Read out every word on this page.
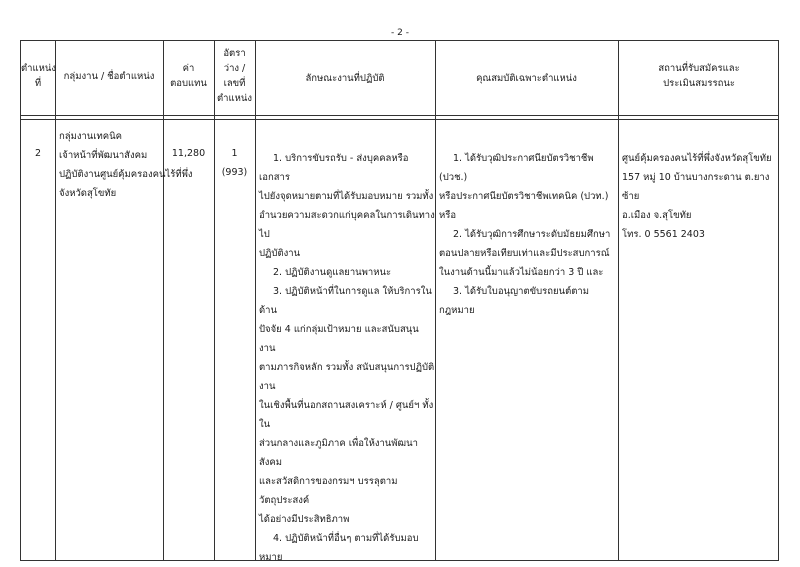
- 2 -
ตำแหน่ง
ที่
กลุ่มงาน / ชื่อตำแหน่ง
ค่า
ตอบแทน
อัตรา
ว่าง /
เลขที่
ตำแหน่ง
ลักษณะงานที่ปฏิบัติ	คุณสมบัติเฉพาะตำแหน่ง
สถานที่รับสมัครและ
ประเมินสมรรถนะ
2

กลุ่มงานเทคนิค

เจ้าหน้าที่พัฒนาสังคม

ปฏิบัติงานศูนย์คุ้มครองคนไร้ที่พึ่ง

จังหวัดสุโขทัย

11,280	1

(993)

1. บริการขับรถรับ - ส่งบุคคลหรือเอกสาร

ไปยังจุดหมายตามที่ได้รับมอบหมาย รวมทั้ง

อำนวยความสะดวกแก่บุคคลในการเดินทางไป

ปฏิบัติงาน

2. ปฏิบัติงานดูแลยานพาหนะ

3. ปฏิบัติหน้าที่ในการดูแล ให้บริการในด้าน

ปัจจัย 4 แก่กลุ่มเป้าหมาย และสนับสนุนงาน

ตามภารกิจหลัก รวมทั้ง สนับสนุนการปฏิบัติงาน

ในเชิงพื้นที่นอกสถานสงเคราะห์ / ศูนย์ฯ ทั้งใน

ส่วนกลางและภูมิภาค เพื่อให้งานพัฒนาสังคม

และสวัสดิการของกรมฯ บรรลุตามวัตถุประสงค์

ได้อย่างมีประสิทธิภาพ

4. ปฏิบัติหน้าที่อื่นๆ ตามที่ได้รับมอบหมาย

1. ได้รับวุฒิประกาศนียบัตรวิชาชีพ (ปวช.)

หรือประกาศนียบัตรวิชาชีพเทคนิค (ปวท.) หรือ

2. ได้รับวุฒิการศึกษาระดับมัธยมศึกษา

ตอนปลายหรือเทียบเท่าและมีประสบการณ์

ในงานด้านนี้มาแล้วไม่น้อยกว่า 3 ปี และ

3. ได้รับใบอนุญาตขับรถยนต์ตามกฎหมาย

ศูนย์คุ้มครองคนไร้ที่พึ่งจังหวัดสุโขทัย

157 หมู่ 10 บ้านบางกระดาน ต.ยางซ้าย

อ.เมือง จ.สุโขทัย

โทร. 0 5561 2403
